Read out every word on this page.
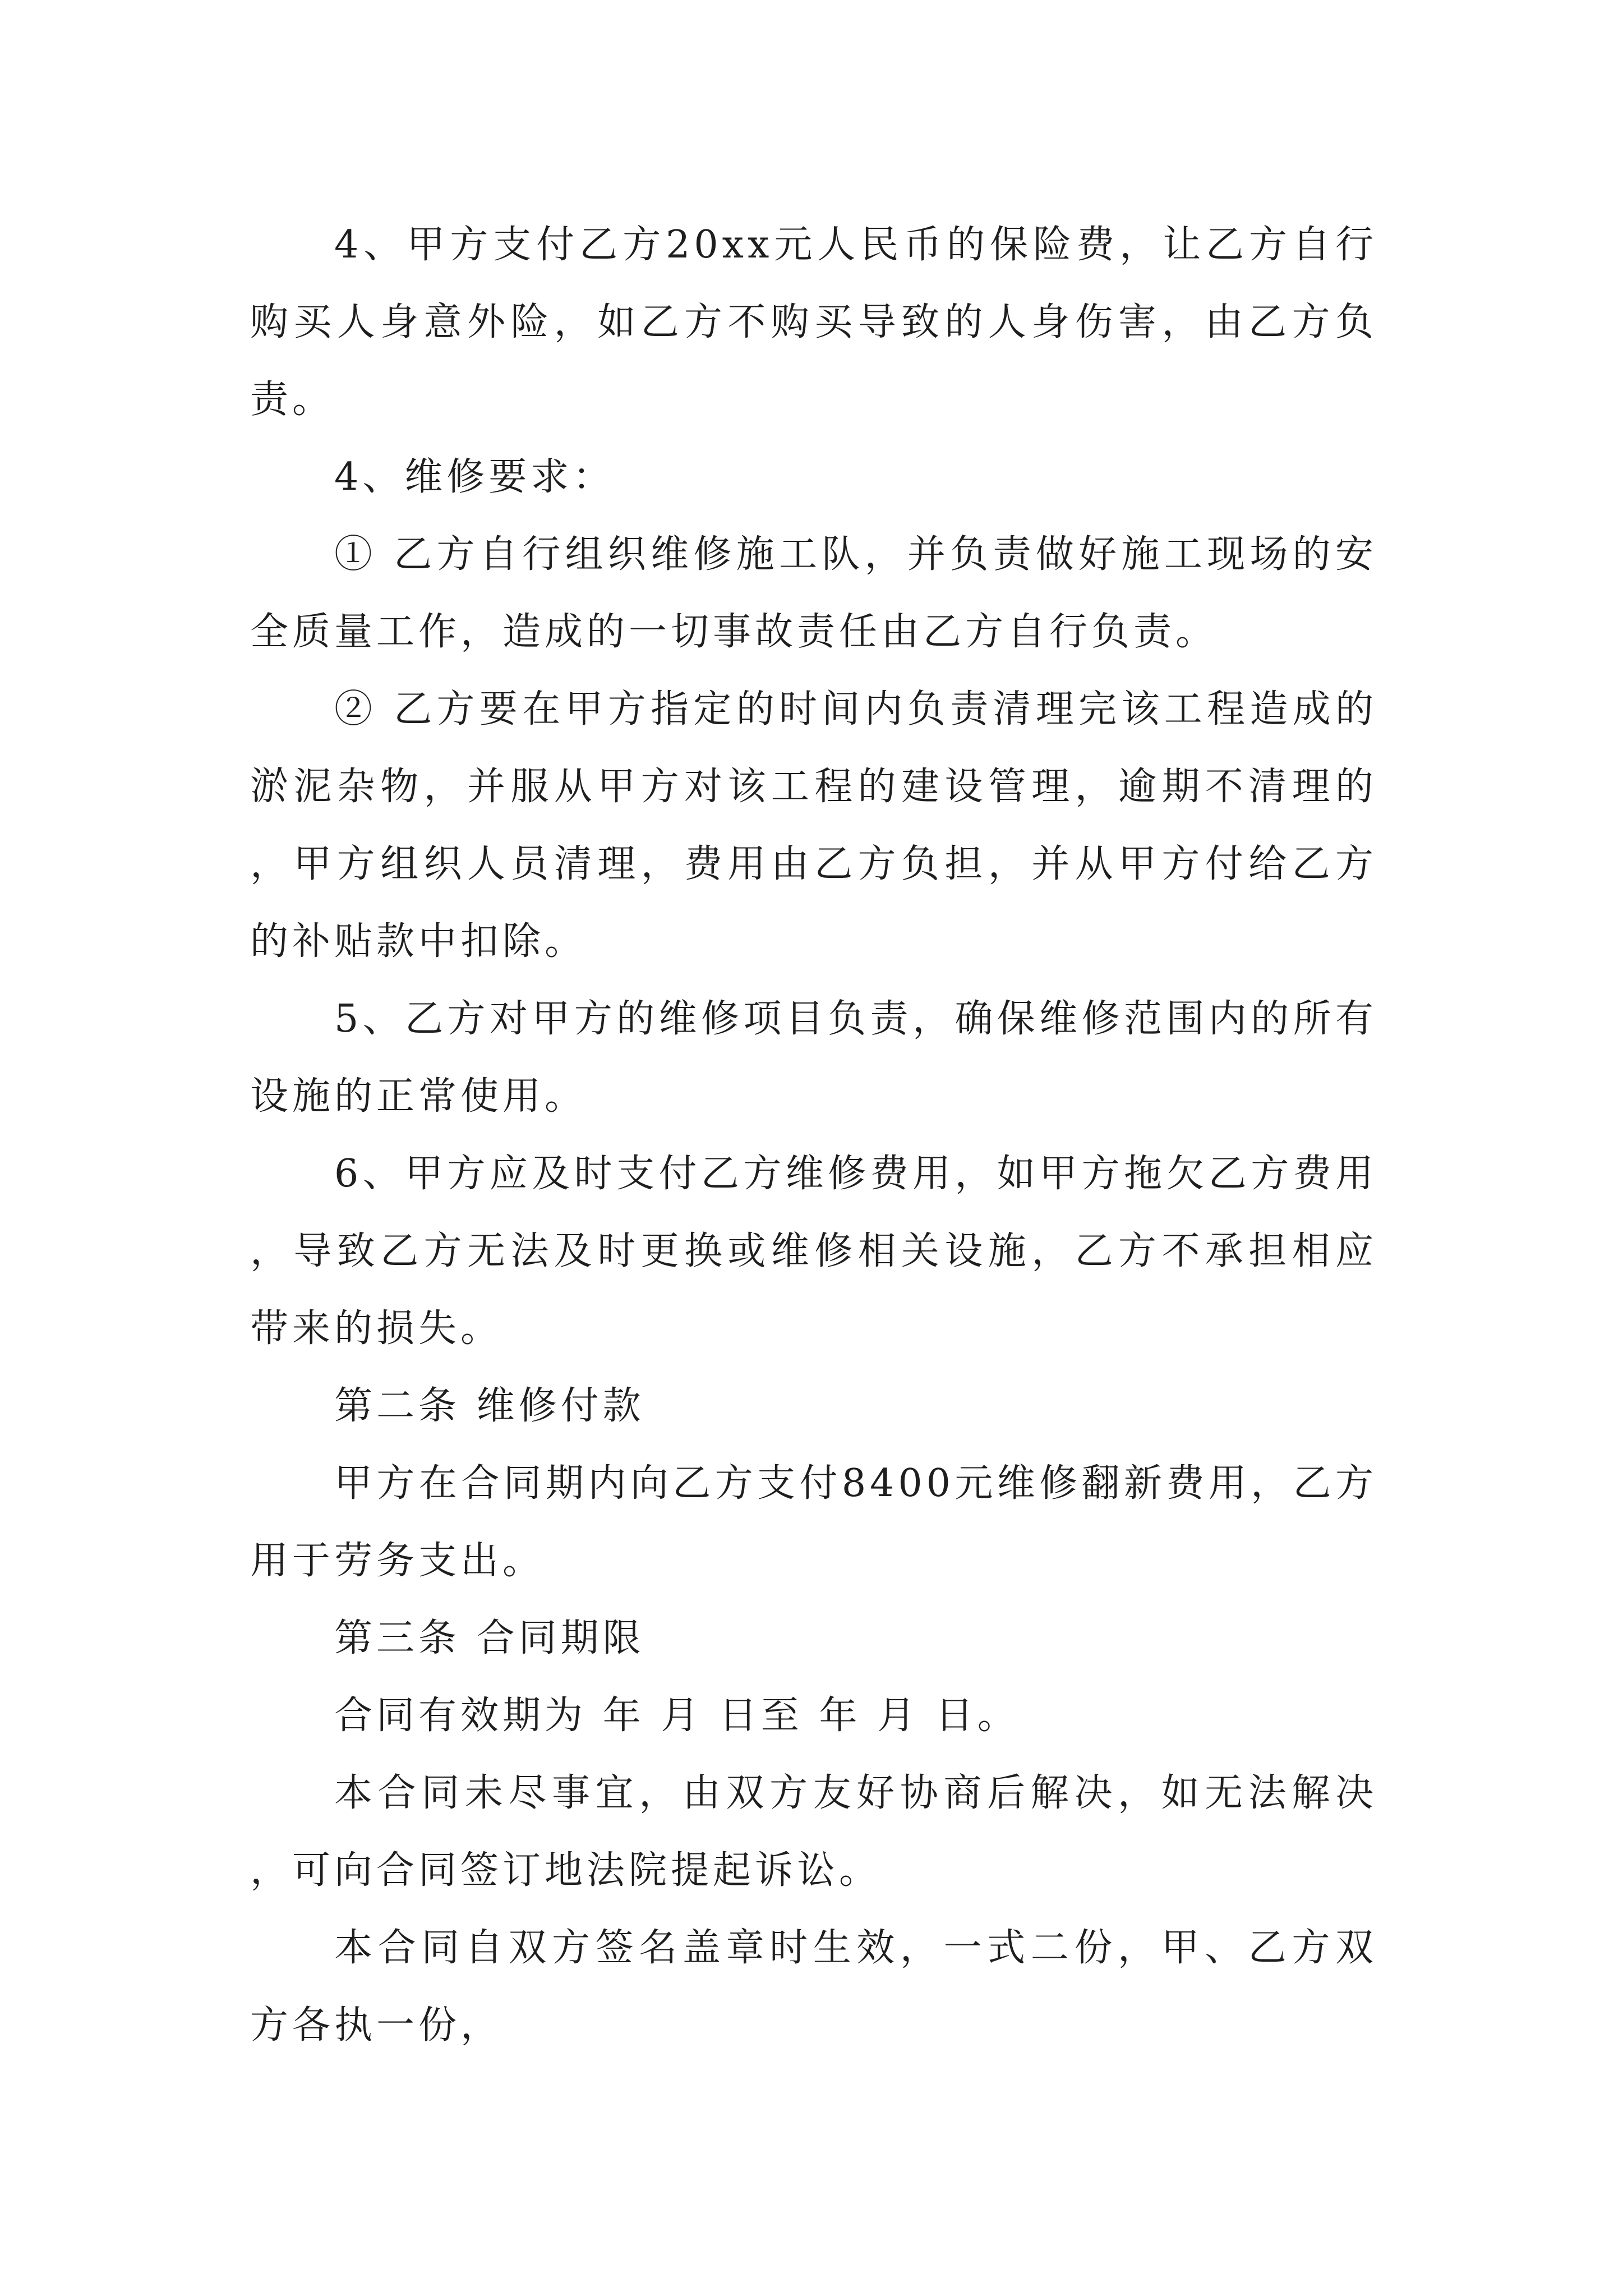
4、甲方支付乙方20xx元人民币的保险费，让乙方自行购买人身意外险，如乙方不购买导致的人身伤害，由乙方负责。

4、维修要求：

① 乙方自行组织维修施工队，并负责做好施工现场的安全质量工作，造成的一切事故责任由乙方自行负责。

② 乙方要在甲方指定的时间内负责清理完该工程造成的淤泥杂物，并服从甲方对该工程的建设管理，逾期不清理的，甲方组织人员清理，费用由乙方负担，并从甲方付给乙方的补贴款中扣除。

5、乙方对甲方的维修项目负责，确保维修范围内的所有设施的正常使用。

6、甲方应及时支付乙方维修费用，如甲方拖欠乙方费用，导致乙方无法及时更换或维修相关设施，乙方不承担相应带来的损失。

第二条 维修付款

甲方在合同期内向乙方支付8400元维修翻新费用，乙方用于劳务支出。

第三条 合同期限

合同有效期为 年 月 日至 年 月 日。

本合同未尽事宜，由双方友好协商后解决，如无法解决，可向合同签订地法院提起诉讼。

本合同自双方签名盖章时生效，一式二份，甲、乙方双方各执一份，
